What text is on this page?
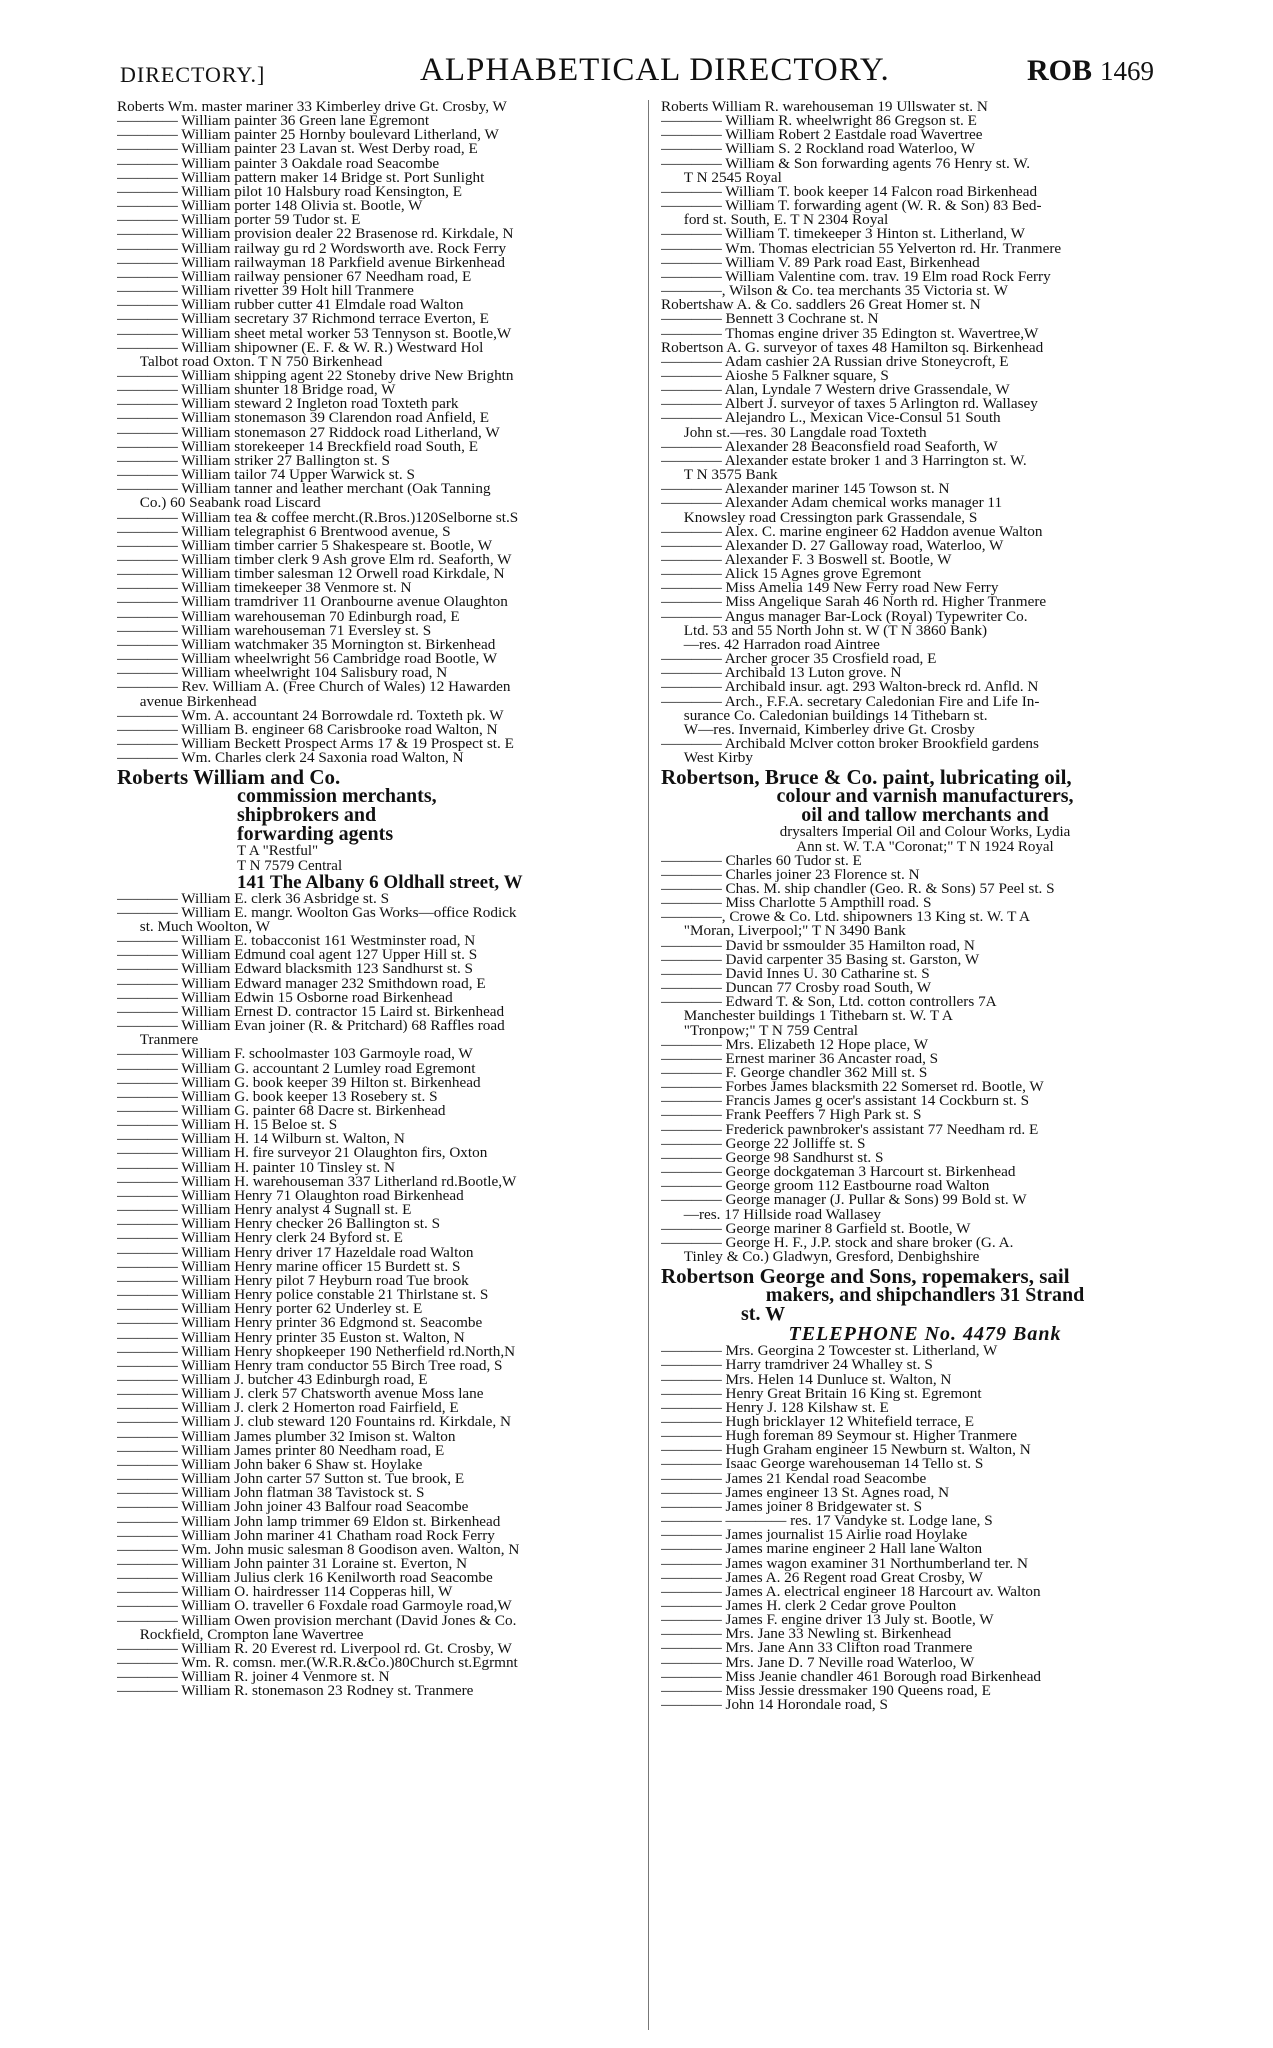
DIRECTORY.]	ALPHABETICAL DIRECTORY.	ROB 1469
Roberts Wm. master mariner 33 Kimberley drive Gt. Crosby, W
———— William painter 36 Green lane Egremont
———— William painter 25 Hornby boulevard Litherland, W
———— William painter 23 Lavan st. West Derby road, E
———— William painter 3 Oakdale road Seacombe
———— William pattern maker 14 Bridge st. Port Sunlight
———— William pilot 10 Halsbury road Kensington, E
———— William porter 148 Olivia st. Bootle, W
———— William porter 59 Tudor st. E
———— William provision dealer 22 Brasenose rd. Kirkdale, N
———— William railway gu rd 2 Wordsworth ave. Rock Ferry
———— William railwayman 18 Parkfield avenue Birkenhead
———— William railway pensioner 67 Needham road, E
———— William rivetter 39 Holt hill Tranmere
———— William rubber cutter 41 Elmdale road Walton
———— William secretary 37 Richmond terrace Everton, E
———— William sheet metal worker 53 Tennyson st. Bootle,W
———— William shipowner (E. F. & W. R.) Westward Hol
Talbot road Oxton. T N 750 Birkenhead
———— William shipping agent 22 Stoneby drive New Brightn
———— William shunter 18 Bridge road, W
———— William steward 2 Ingleton road Toxteth park
———— William stonemason 39 Clarendon road Anfield, E
———— William stonemason 27 Riddock road Litherland, W
———— William storekeeper 14 Breckfield road South, E
———— William striker 27 Ballington st. S
———— William tailor 74 Upper Warwick st. S
———— William tanner and leather merchant (Oak Tanning
Co.) 60 Seabank road Liscard
———— William tea & coffee mercht.(R.Bros.)120Selborne st.S
———— William telegraphist 6 Brentwood avenue, S
———— William timber carrier 5 Shakespeare st. Bootle, W
———— William timber clerk 9 Ash grove Elm rd. Seaforth, W
———— William timber salesman 12 Orwell road Kirkdale, N
———— William timekeeper 38 Venmore st. N
———— William tramdriver 11 Oranbourne avenue Olaughton
———— William warehouseman 70 Edinburgh road, E
———— William warehouseman 71 Eversley st. S
———— William watchmaker 35 Mornington st. Birkenhead
———— William wheelwright 56 Cambridge road Bootle, W
———— William wheelwright 104 Salisbury road, N
———— Rev. William A. (Free Church of Wales) 12 Hawarden
avenue Birkenhead
———— Wm. A. accountant 24 Borrowdale rd. Toxteth pk. W
———— William B. engineer 68 Carisbrooke road Walton, N
———— William Beckett Prospect Arms 17 & 19 Prospect st. E
———— Wm. Charles clerk 24 Saxonia road Walton, N
Roberts William and Co.
commission merchants,
shipbrokers and
forwarding agents
T A "Restful"
T N 7579 Central
141 The Albany 6 Oldhall street, W
———— William E. clerk 36 Asbridge st. S
———— William E. mangr. Woolton Gas Works—office Rodick
st. Much Woolton, W
———— William E. tobacconist 161 Westminster road, N
———— William Edmund coal agent 127 Upper Hill st. S
———— William Edward blacksmith 123 Sandhurst st. S
———— William Edward manager 232 Smithdown road, E
———— William Edwin 15 Osborne road Birkenhead
———— William Ernest D. contractor 15 Laird st. Birkenhead
———— William Evan joiner (R. & Pritchard) 68 Raffles road
Tranmere
———— William F. schoolmaster 103 Garmoyle road, W
———— William G. accountant 2 Lumley road Egremont
———— William G. book keeper 39 Hilton st. Birkenhead
———— William G. book keeper 13 Rosebery st. S
———— William G. painter 68 Dacre st. Birkenhead
———— William H. 15 Beloe st. S
———— William H. 14 Wilburn st. Walton, N
———— William H. fire surveyor 21 Olaughton firs, Oxton
———— William H. painter 10 Tinsley st. N
———— William H. warehouseman 337 Litherland rd.Bootle,W
———— William Henry 71 Olaughton road Birkenhead
———— William Henry analyst 4 Sugnall st. E
———— William Henry checker 26 Ballington st. S
———— William Henry clerk 24 Byford st. E
———— William Henry driver 17 Hazeldale road Walton
———— William Henry marine officer 15 Burdett st. S
———— William Henry pilot 7 Heyburn road Tue brook
———— William Henry police constable 21 Thirlstane st. S
———— William Henry porter 62 Underley st. E
———— William Henry printer 36 Edgmond st. Seacombe
———— William Henry printer 35 Euston st. Walton, N
———— William Henry shopkeeper 190 Netherfield rd.North,N
———— William Henry tram conductor 55 Birch Tree road, S
———— William J. butcher 43 Edinburgh road, E
———— William J. clerk 57 Chatsworth avenue Moss lane
———— William J. clerk 2 Homerton road Fairfield, E
———— William J. club steward 120 Fountains rd. Kirkdale, N
———— William James plumber 32 Imison st. Walton
———— William James printer 80 Needham road, E
———— William John baker 6 Shaw st. Hoylake
———— William John carter 57 Sutton st. Tue brook, E
———— William John flatman 38 Tavistock st. S
———— William John joiner 43 Balfour road Seacombe
———— William John lamp trimmer 69 Eldon st. Birkenhead
———— William John mariner 41 Chatham road Rock Ferry
———— Wm. John music salesman 8 Goodison aven. Walton, N
———— William John painter 31 Loraine st. Everton, N
———— William Julius clerk 16 Kenilworth road Seacombe
———— William O. hairdresser 114 Copperas hill, W
———— William O. traveller 6 Foxdale road Garmoyle road,W
———— William Owen provision merchant (David Jones & Co.
Rockfield, Crompton lane Wavertree
———— William R. 20 Everest rd. Liverpool rd. Gt. Crosby, W
———— Wm. R. comsn. mer.(W.R.R.&Co.)80Church st.Egrmnt
———— William R. joiner 4 Venmore st. N
———— William R. stonemason 23 Rodney st. Tranmere
Roberts William R. warehouseman 19 Ullswater st. N
———— William R. wheelwright 86 Gregson st. E
———— William Robert 2 Eastdale road Wavertree
———— William S. 2 Rockland road Waterloo, W
———— William & Son forwarding agents 76 Henry st. W.
T N 2545 Royal
———— William T. book keeper 14 Falcon road Birkenhead
———— William T. forwarding agent (W. R. & Son) 83 Bed-
ford st. South, E. T N 2304 Royal
———— William T. timekeeper 3 Hinton st. Litherland, W
———— Wm. Thomas electrician 55 Yelverton rd. Hr. Tranmere
———— William V. 89 Park road East, Birkenhead
———— William Valentine com. trav. 19 Elm road Rock Ferry
————, Wilson & Co. tea merchants 35 Victoria st. W
Robertshaw A. & Co. saddlers 26 Great Homer st. N
———— Bennett 3 Cochrane st. N
———— Thomas engine driver 35 Edington st. Wavertree,W
Robertson A. G. surveyor of taxes 48 Hamilton sq. Birkenhead
———— Adam cashier 2A Russian drive Stoneycroft, E
———— Aioshe 5 Falkner square, S
———— Alan, Lyndale 7 Western drive Grassendale, W
———— Albert J. surveyor of taxes 5 Arlington rd. Wallasey
———— Alejandro L., Mexican Vice-Consul 51 South
John st.—res. 30 Langdale road Toxteth
———— Alexander 28 Beaconsfield road Seaforth, W
———— Alexander estate broker 1 and 3 Harrington st. W.
T N 3575 Bank
———— Alexander mariner 145 Towson st. N
———— Alexander Adam chemical works manager 11
Knowsley road Cressington park Grassendale, S
———— Alex. C. marine engineer 62 Haddon avenue Walton
———— Alexander D. 27 Galloway road, Waterloo, W
———— Alexander F. 3 Boswell st. Bootle, W
———— Alick 15 Agnes grove Egremont
———— Miss Amelia 149 New Ferry road New Ferry
———— Miss Angelique Sarah 46 North rd. Higher Tranmere
———— Angus manager Bar-Lock (Royal) Typewriter Co.
Ltd. 53 and 55 North John st. W (T N 3860 Bank)
—res. 42 Harradon road Aintree
———— Archer grocer 35 Crosfield road, E
———— Archibald 13 Luton grove. N
———— Archibald insur. agt. 293 Walton-breck rd. Anfld. N
———— Arch., F.F.A. secretary Caledonian Fire and Life In-
surance Co. Caledonian buildings 14 Tithebarn st.
W—res. Invernaid, Kimberley drive Gt. Crosby
———— Archibald Mclver cotton broker Brookfield gardens
West Kirby
Robertson, Bruce & Co. paint, lubricating oil,
colour and varnish manufacturers,
oil and tallow merchants and
drysalters Imperial Oil and Colour Works, Lydia
Ann st. W. T.A "Coronat;" T N 1924 Royal
———— Charles 60 Tudor st. E
———— Charles joiner 23 Florence st. N
———— Chas. M. ship chandler (Geo. R. & Sons) 57 Peel st. S
———— Miss Charlotte 5 Ampthill road. S
————, Crowe & Co. Ltd. shipowners 13 King st. W. T A
"Moran, Liverpool;" T N 3490 Bank
———— David br ssmoulder 35 Hamilton road, N
———— David carpenter 35 Basing st. Garston, W
———— David Innes U. 30 Catharine st. S
———— Duncan 77 Crosby road South, W
———— Edward T. & Son, Ltd. cotton controllers 7A
Manchester buildings 1 Tithebarn st. W. T A
"Tronpow;" T N 759 Central
———— Mrs. Elizabeth 12 Hope place, W
———— Ernest mariner 36 Ancaster road, S
———— F. George chandler 362 Mill st. S
———— Forbes James blacksmith 22 Somerset rd. Bootle, W
———— Francis James g ocer's assistant 14 Cockburn st. S
———— Frank Peeffers 7 High Park st. S
———— Frederick pawnbroker's assistant 77 Needham rd. E
———— George 22 Jolliffe st. S
———— George 98 Sandhurst st. S
———— George dockgateman 3 Harcourt st. Birkenhead
———— George groom 112 Eastbourne road Walton
———— George manager (J. Pullar & Sons) 99 Bold st. W
—res. 17 Hillside road Wallasey
———— George mariner 8 Garfield st. Bootle, W
———— George H. F., J.P. stock and share broker (G. A.
Tinley & Co.) Gladwyn, Gresford, Denbighshire
Robertson George and Sons, ropemakers, sail
makers, and shipchandlers 31 Strand
st. W
TELEPHONE No. 4479 Bank
———— Mrs. Georgina 2 Towcester st. Litherland, W
———— Harry tramdriver 24 Whalley st. S
———— Mrs. Helen 14 Dunluce st. Walton, N
———— Henry Great Britain 16 King st. Egremont
———— Henry J. 128 Kilshaw st. E
———— Hugh bricklayer 12 Whitefield terrace, E
———— Hugh foreman 89 Seymour st. Higher Tranmere
———— Hugh Graham engineer 15 Newburn st. Walton, N
———— Isaac George warehouseman 14 Tello st. S
———— James 21 Kendal road Seacombe
———— James engineer 13 St. Agnes road, N
———— James joiner 8 Bridgewater st. S
———— ———— res. 17 Vandyke st. Lodge lane, S
———— James journalist 15 Airlie road Hoylake
———— James marine engineer 2 Hall lane Walton
———— James wagon examiner 31 Northumberland ter. N
———— James A. 26 Regent road Great Crosby, W
———— James A. electrical engineer 18 Harcourt av. Walton
———— James H. clerk 2 Cedar grove Poulton
———— James F. engine driver 13 July st. Bootle, W
———— Mrs. Jane 33 Newling st. Birkenhead
———— Mrs. Jane Ann 33 Clifton road Tranmere
———— Mrs. Jane D. 7 Neville road Waterloo, W
———— Miss Jeanie chandler 461 Borough road Birkenhead
———— Miss Jessie dressmaker 190 Queens road, E
———— John 14 Horondale road, S
